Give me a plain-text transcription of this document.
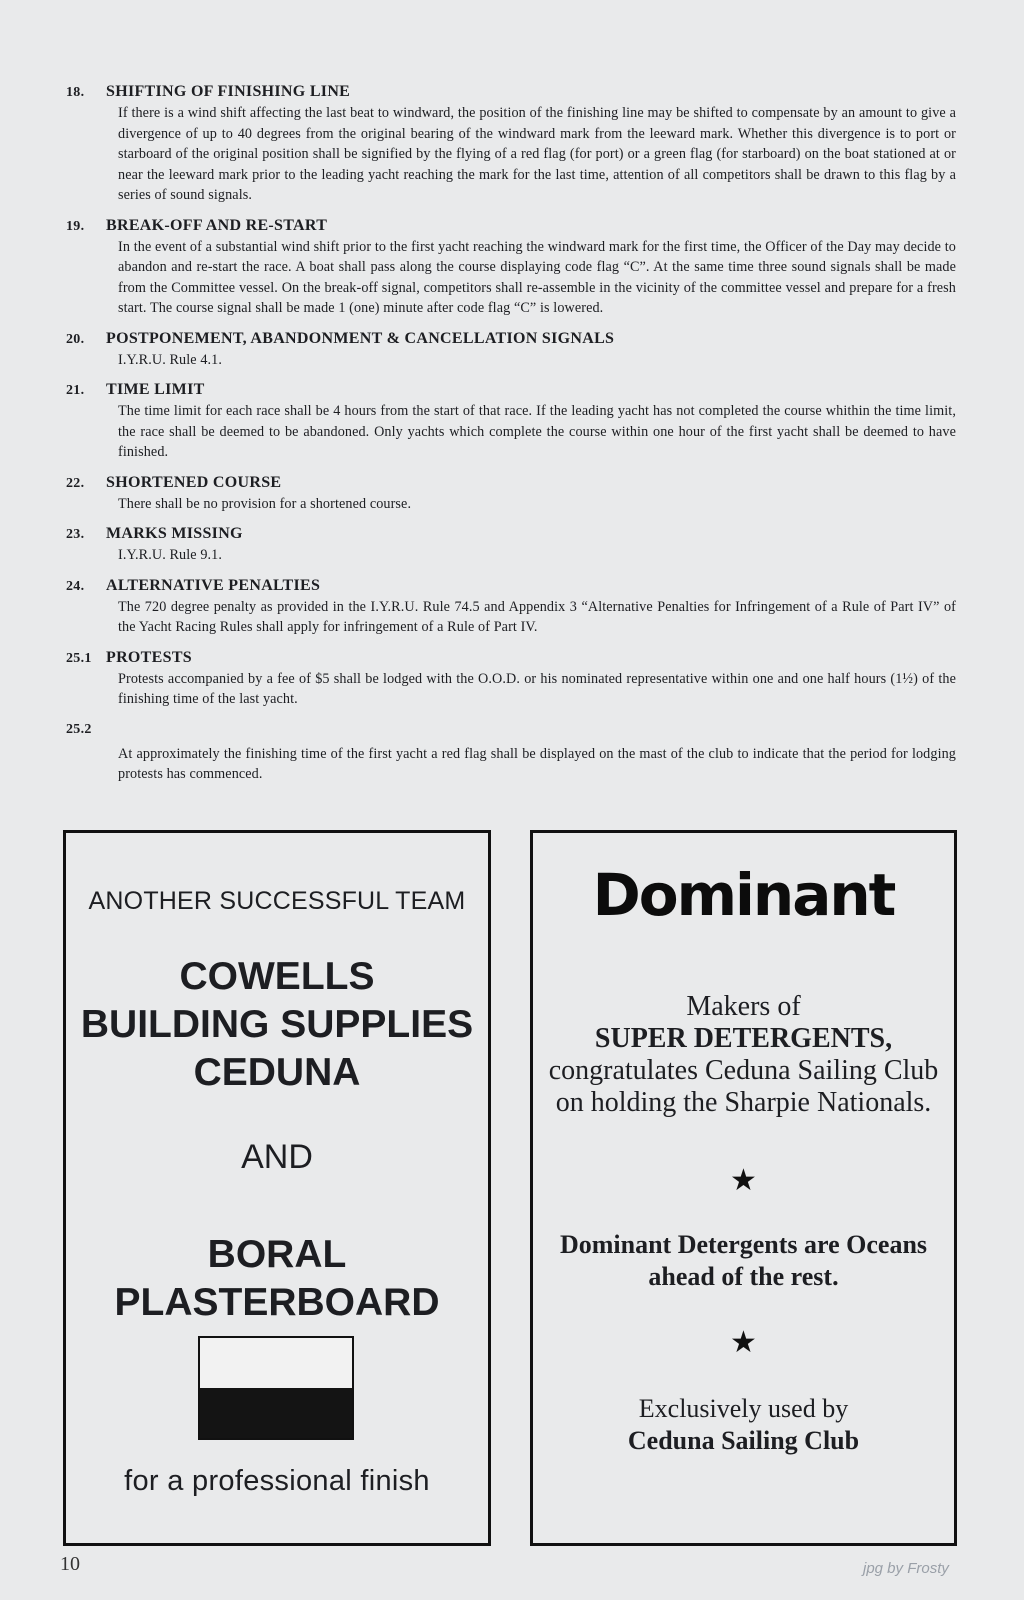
18.	SHIFTING OF FINISHING LINE
If there is a wind shift affecting the last beat to windward, the position of the finishing line may be shifted to compensate by an amount to give a divergence of up to 40 degrees from the original bearing of the windward mark from the leeward mark. Whether this divergence is to port or starboard of the original position shall be signified by the flying of a red flag (for port) or a green flag (for starboard) on the boat stationed at or near the leeward mark prior to the leading yacht reaching the mark for the last time, attention of all competitors shall be drawn to this flag by a series of sound signals.
19.	BREAK-OFF AND RE-START
In the event of a substantial wind shift prior to the first yacht reaching the windward mark for the first time, the Officer of the Day may decide to abandon and re-start the race. A boat shall pass along the course displaying code flag “C”. At the same time three sound signals shall be made from the Committee vessel. On the break-off signal, competitors shall re-assemble in the vicinity of the committee vessel and prepare for a fresh start. The course signal shall be made 1 (one) minute after code flag “C” is lowered.
20.	POSTPONEMENT, ABANDONMENT & CANCELLATION SIGNALS
I.Y.R.U. Rule 4.1.
21.	TIME LIMIT
The time limit for each race shall be 4 hours from the start of that race. If the leading yacht has not completed the course whithin the time limit, the race shall be deemed to be abandoned. Only yachts which complete the course within one hour of the first yacht shall be deemed to have finished.
22.	SHORTENED COURSE
There shall be no provision for a shortened course.
23.	MARKS MISSING
I.Y.R.U. Rule 9.1.
24.	ALTERNATIVE PENALTIES
The 720 degree penalty as provided in the I.Y.R.U. Rule 74.5 and Appendix 3 “Alternative Penalties for Infringement of a Rule of Part IV” of the Yacht Racing Rules shall apply for infringement of a Rule of Part IV.
25.1 PROTESTS
Protests accompanied by a fee of $5 shall be lodged with the O.O.D. or his nominated representative within one and one half hours (1½) of the finishing time of the last yacht.
25.2
At approximately the finishing time of the first yacht a red flag shall be displayed on the mast of the club to indicate that the period for lodging protests has commenced.
ANOTHER SUCCESSFUL TEAM
COWELLS
BUILDING SUPPLIES
CEDUNA
AND
BORAL
PLASTERBOARD
for a professional finish
Dominant
Makers of
SUPER DETERGENTS,
congratulates Ceduna Sailing Club
on holding the Sharpie Nationals.
★
Dominant Detergents are Oceans
ahead of the rest.
★
Exclusively used by
Ceduna Sailing Club
10	jpg by Frosty
